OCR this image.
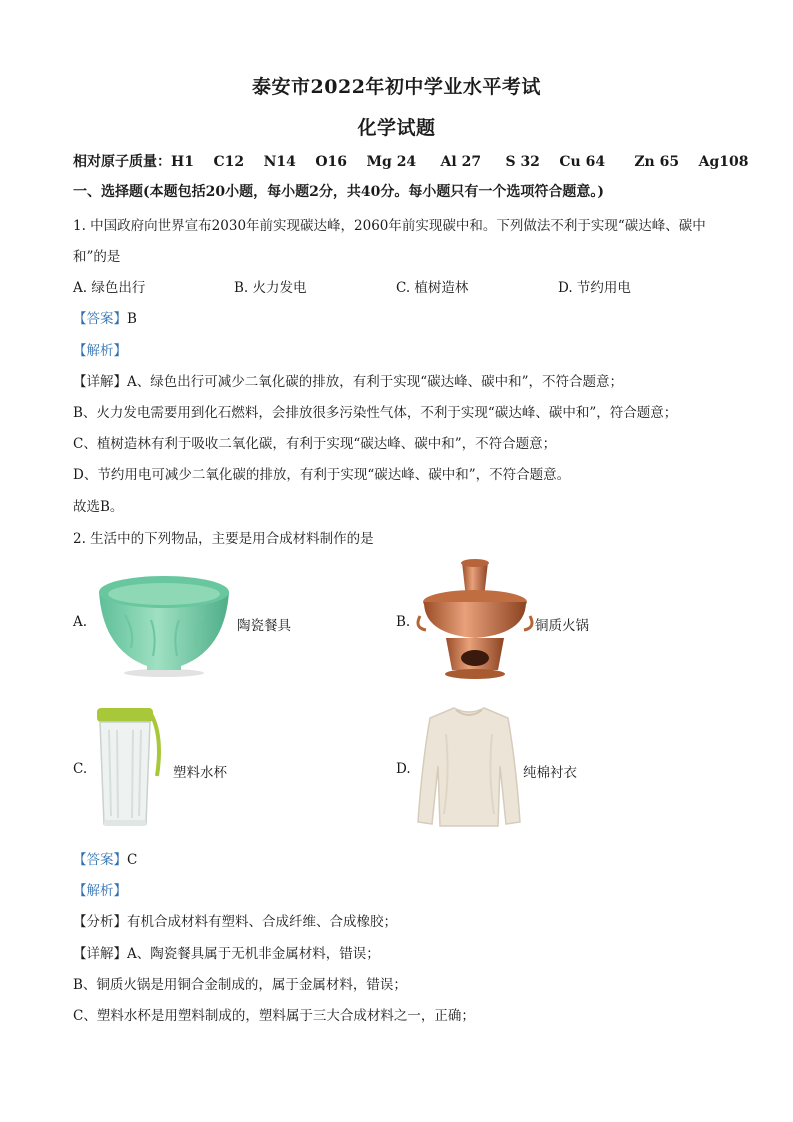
泰安市2022年初中学业水平考试
化学试题
相对原子质量：H1    C12    N14    O16    Mg 24     Al 27     S 32    Cu 64      Zn 65    Ag108
一、选择题(本题包括20小题，每小题2分，共40分。每小题只有一个选项符合题意。)
1. 中国政府向世界宣布2030年前实现碳达峰，2060年前实现碳中和。下列做法不利于实现“碳达峰、碳中
和”的是
A. 绿色出行	B. 火力发电	C. 植树造林	D. 节约用电
【答案】B
【解析】
【详解】A、绿色出行可减少二氧化碳的排放，有利于实现“碳达峰、碳中和”，不符合题意；
B、火力发电需要用到化石燃料，会排放很多污染性气体，不利于实现“碳达峰、碳中和”，符合题意；
C、植树造林有利于吸收二氧化碳，有利于实现“碳达峰、碳中和”，不符合题意；
D、节约用电可减少二氧化碳的排放，有利于实现“碳达峰、碳中和”，不符合题意。
故选B。
2. 生活中的下列物品，主要是用合成材料制作的是
A.	陶瓷餐具	B.	铜质火锅
C.	塑料水杯	D.	纯棉衬衣
【答案】C
【解析】
【分析】有机合成材料有塑料、合成纤维、合成橡胶；
【详解】A、陶瓷餐具属于无机非金属材料，错误；
B、铜质火锅是用铜合金制成的，属于金属材料，错误；
C、塑料水杯是用塑料制成的，塑料属于三大合成材料之一，正确；
